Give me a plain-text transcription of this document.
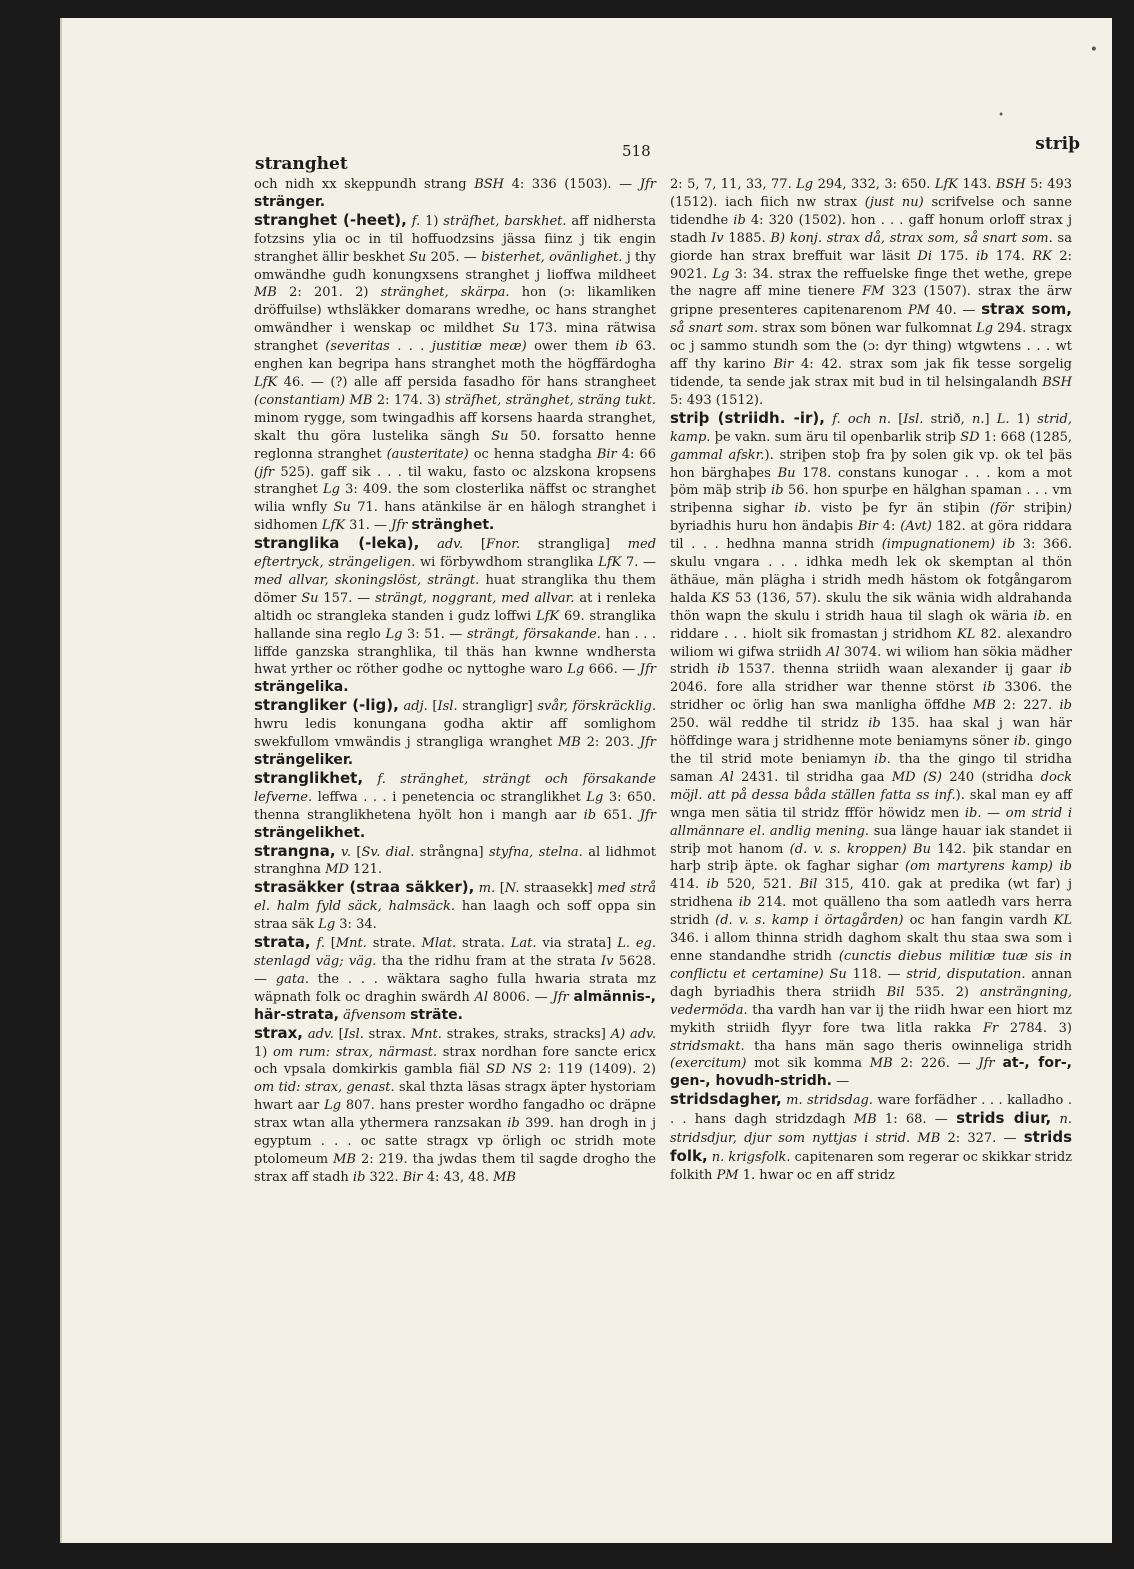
•
•
stranghet
518	striþ

och nidh xx skeppundh strang BSH 4: 336 (1503). — Jfr stränger.

stranghet (-heet), f. 1) sträfhet, barskhet. aff nidhersta fotzsins ylia oc in til hoffuodzsins jässa fiinz j tik engin stranghet ällir beskhet Su 205. — bisterhet, ovänlighet. j thy omwändhe gudh konungxsens stranghet j lioffwa mildheet MB 2: 201. 2) stränghet, skärpa. hon (ɔ: likamliken dröffuilse) wthsläkker domarans wredhe, oc hans stranghet omwändher i wenskap oc mildhet Su 173. mina rätwisa stranghet (severitas . . . justitiæ meæ) ower them ib 63. enghen kan begripa hans stranghet moth the högffärdogha LfK 46. — (?) alle aff persida fasadho för hans strangheet (constantiam) MB 2: 174. 3) sträfhet, stränghet, sträng tukt. minom rygge, som twingadhis aff korsens haarda stranghet, skalt thu göra lustelika sängh Su 50. forsatto henne reglonna stranghet (austeritate) oc henna stadgha Bir 4: 66 (jfr 525). gaff sik . . . til waku, fasto oc alzskona kropsens stranghet Lg 3: 409. the som closterlika näffst oc stranghet wilia wnfly Su 71. hans atänkilse är en hälogh stranghet i sidhomen LfK 31. — Jfr stränghet.

stranglika (-leka), adv. [Fnor. strangliga] med eftertryck, strängeligen. wi förbywdhom stranglika LfK 7. — med allvar, skoningslöst, strängt. huat stranglika thu them dömer Su 157. — strängt, noggrant, med allvar. at i renleka altidh oc strangleka standen i gudz loffwi LfK 69. stranglika hallande sina reglo Lg 3: 51. — strängt, försakande. han . . . liffde ganzska stranghlika, til thäs han kwnne wndhersta hwat yrther oc röther godhe oc nyttoghe waro Lg 666. — Jfr strängelika.

strangliker (-lig), adj. [Isl. strangligr] svår, förskräcklig. hwru ledis konungana godha aktir aff somlighom swekfullom vmwändis j strangliga wranghet MB 2: 203. Jfr strängeliker.

stranglikhet, f. stränghet, strängt och försakande lefverne. leffwa . . . i penetencia oc stranglikhet Lg 3: 650. thenna stranglikhetena hyölt hon i mangh aar ib 651. Jfr strängelikhet.

strangna, v. [Sv. dial. strångna] styfna, stelna. al lidhmot stranghna MD 121.

strasäkker (straa säkker), m. [N. straasekk] med strå el. halm fyld säck, halmsäck. han laagh och soff oppa sin straa säk Lg 3: 34.

strata, f. [Mnt. strate. Mlat. strata. Lat. via strata] L. eg. stenlagd väg; väg. tha the ridhu fram at the strata Iv 5628. — gata. the . . . wäktara sagho fulla hwaria strata mz wäpnath folk oc draghin swärdh Al 8006. — Jfr almännis-, här-strata, äfvensom sträte.

strax, adv. [Isl. strax. Mnt. strakes, straks, stracks] A) adv. 1) om rum: strax, närmast. strax nordhan fore sancte ericx och vpsala domkirkis gambla fiäl SD NS 2: 119 (1409). 2) om tid: strax, genast. skal thzta läsas stragx äpter hystoriam hwart aar Lg 807. hans prester wordho fangadho oc dräpne strax wtan alla ythermera ranzsakan ib 399. han drogh in j egyptum . . . oc satte stragx vp örligh oc stridh mote ptolomeum MB 2: 219. tha jwdas them til sagde drogho the strax aff stadh ib 322. Bir 4: 43, 48. MB

2: 5, 7, 11, 33, 77. Lg 294, 332, 3: 650. LfK 143. BSH 5: 493 (1512). iach fiich nw strax (just nu) scrifvelse och sanne tidendhe ib 4: 320 (1502). hon . . . gaff honum orloff strax j stadh Iv 1885. B) konj. strax då, strax som, så snart som. sa giorde han strax breffuit war läsit Di 175. ib 174. RK 2: 9021. Lg 3: 34. strax the reffuelske finge thet wethe, grepe the nagre aff mine tienere FM 323 (1507). strax the ärw gripne presenteres capitenarenom PM 40. — strax som, så snart som. strax som bönen war fulkomnat Lg 294. stragx oc j sammo stundh som the (ɔ: dyr thing) wtgwtens . . . wt aff thy karino Bir 4: 42. strax som jak fik tesse sorgelig tidende, ta sende jak strax mit bud in til helsingalandh BSH 5: 493 (1512).

striþ (striidh. -ir), f. och n. [Isl. strið, n.] L. 1) strid, kamp. þe vakn. sum äru til openbarlik striþ SD 1: 668 (1285, gammal afskr.). striþen stoþ fra þy solen gik vp. ok tel þäs hon bärghaþes Bu 178. constans kunogar . . . kom a mot þöm mäþ striþ ib 56. hon spurþe en hälghan spaman . . . vm striþenna sighar ib. visto þe fyr än stiþin (för striþin) byriadhis huru hon ändaþis Bir 4: (Avt) 182. at göra riddara til . . . hedhna manna stridh (impugnationem) ib 3: 366. skulu vngara . . . idhka medh lek ok skemptan al thön äthäue, män plägha i stridh medh hästom ok fotgångarom halda KS 53 (136, 57). skulu the sik wänia widh aldrahanda thön wapn the skulu i stridh haua til slagh ok wäria ib. en riddare . . . hiolt sik fromastan j stridhom KL 82. alexandro wiliom wi gifwa striidh Al 3074. wi wiliom han sökia mädher stridh ib 1537. thenna striidh waan alexander ij gaar ib 2046. fore alla stridher war thenne störst ib 3306. the stridher oc örlig han swa manligha öffdhe MB 2: 227. ib 250. wäl reddhe til stridz ib 135. haa skal j wan här höffdinge wara j stridhenne mote beniamyns söner ib. gingo the til strid mote beniamyn ib. tha the gingo til stridha saman Al 2431. til stridha gaa MD (S) 240 (stridha dock möjl. att på dessa båda ställen fatta ss inf.). skal man ey aff wnga men sätia til stridz ffför höwidz men ib. — om strid i allmännare el. andlig mening. sua länge hauar iak standet ii striþ mot hanom (d. v. s. kroppen) Bu 142. þik standar en harþ striþ äpte. ok faghar sighar (om martyrens kamp) ib 414. ib 520, 521. Bil 315, 410. gak at predika (wt far) j stridhena ib 214. mot quälleno tha som aatledh vars herra stridh (d. v. s. kamp i örtagården) oc han fangin vardh KL 346. i allom thinna stridh daghom skalt thu staa swa som i enne standandhe stridh (cunctis diebus militiæ tuæ sis in conflictu et certamine) Su 118. — strid, disputation. annan dagh byriadhis thera striidh Bil 535. 2) ansträngning, vedermöda. tha vardh han var ij the riidh hwar een hiort mz mykith striidh flyyr fore twa litla rakka Fr 2784. 3) stridsmakt. tha hans män sago theris owinneliga stridh (exercitum) mot sik komma MB 2: 226. — Jfr at-, for-, gen-, hovudh-stridh. —

stridsdagher, m. stridsdag. ware forfädher . . . kalladho . . . hans dagh stridzdagh MB 1: 68. — strids diur, n. stridsdjur, djur som nyttjas i strid. MB 2: 327. — strids folk, n. krigsfolk. capitenaren som regerar oc skikkar stridz folkith PM 1. hwar oc en aff stridz
